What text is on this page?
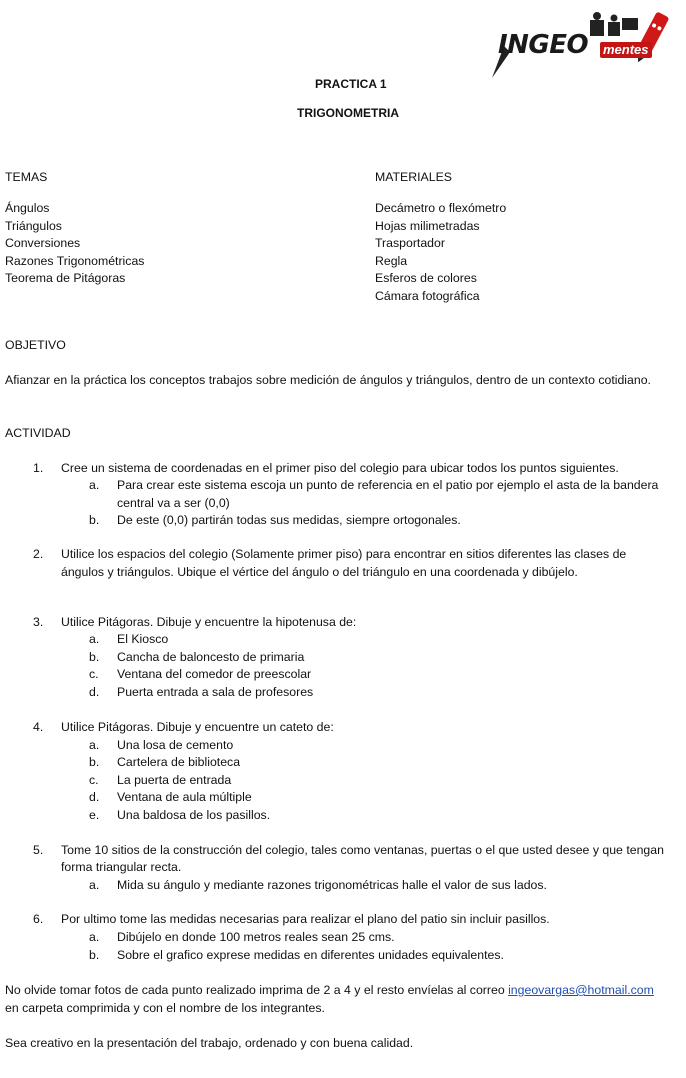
INGEO mentes
PRACTICA 1
TRIGONOMETRIA
TEMAS
Ángulos
Triángulos
Conversiones
Razones Trigonométricas
Teorema de Pitágoras
MATERIALES
Decámetro o flexómetro
Hojas milimetradas
Trasportador
Regla
Esferos de colores
Cámara fotográfica
OBJETIVO
Afianzar en la práctica los conceptos trabajos sobre medición de ángulos y triángulos, dentro de un contexto cotidiano.
ACTIVIDAD
1. Cree un sistema de coordenadas en el primer piso del colegio para ubicar todos los puntos siguientes.
a. Para crear este sistema escoja un punto de referencia en el patio por ejemplo el asta de la bandera
central va a ser (0,0)
b. De este (0,0) partirán todas sus medidas, siempre ortogonales.
2. Utilice los espacios del colegio (Solamente primer piso) para encontrar en sitios diferentes las clases de
ángulos y triángulos. Ubique el vértice del ángulo o del triángulo en una coordenada y dibújelo.
3. Utilice Pitágoras. Dibuje y encuentre la hipotenusa de:
a. El Kiosco
b. Cancha de baloncesto de primaria
c. Ventana del comedor de preescolar
d. Puerta entrada a sala de profesores
4. Utilice Pitágoras. Dibuje y encuentre un cateto de:
a. Una losa de cemento
b. Cartelera de biblioteca
c. La puerta de entrada
d. Ventana de aula múltiple
e. Una baldosa de los pasillos.
5. Tome 10 sitios de la construcción del colegio, tales como ventanas, puertas o el que usted desee y que tengan
forma triangular recta.
a. Mida su ángulo y mediante razones trigonométricas halle el valor de sus lados.
6. Por ultimo tome las medidas necesarias para realizar el plano del patio sin incluir pasillos.
a. Dibújelo en donde 100 metros reales sean 25 cms.
b. Sobre el grafico exprese medidas en diferentes unidades equivalentes.
No olvide tomar fotos de cada punto realizado imprima de 2 a 4 y el resto envíelas al correo ingeovargas@hotmail.com
en carpeta comprimida y con el nombre de los integrantes.
Sea creativo en la presentación del trabajo, ordenado y con buena calidad.
